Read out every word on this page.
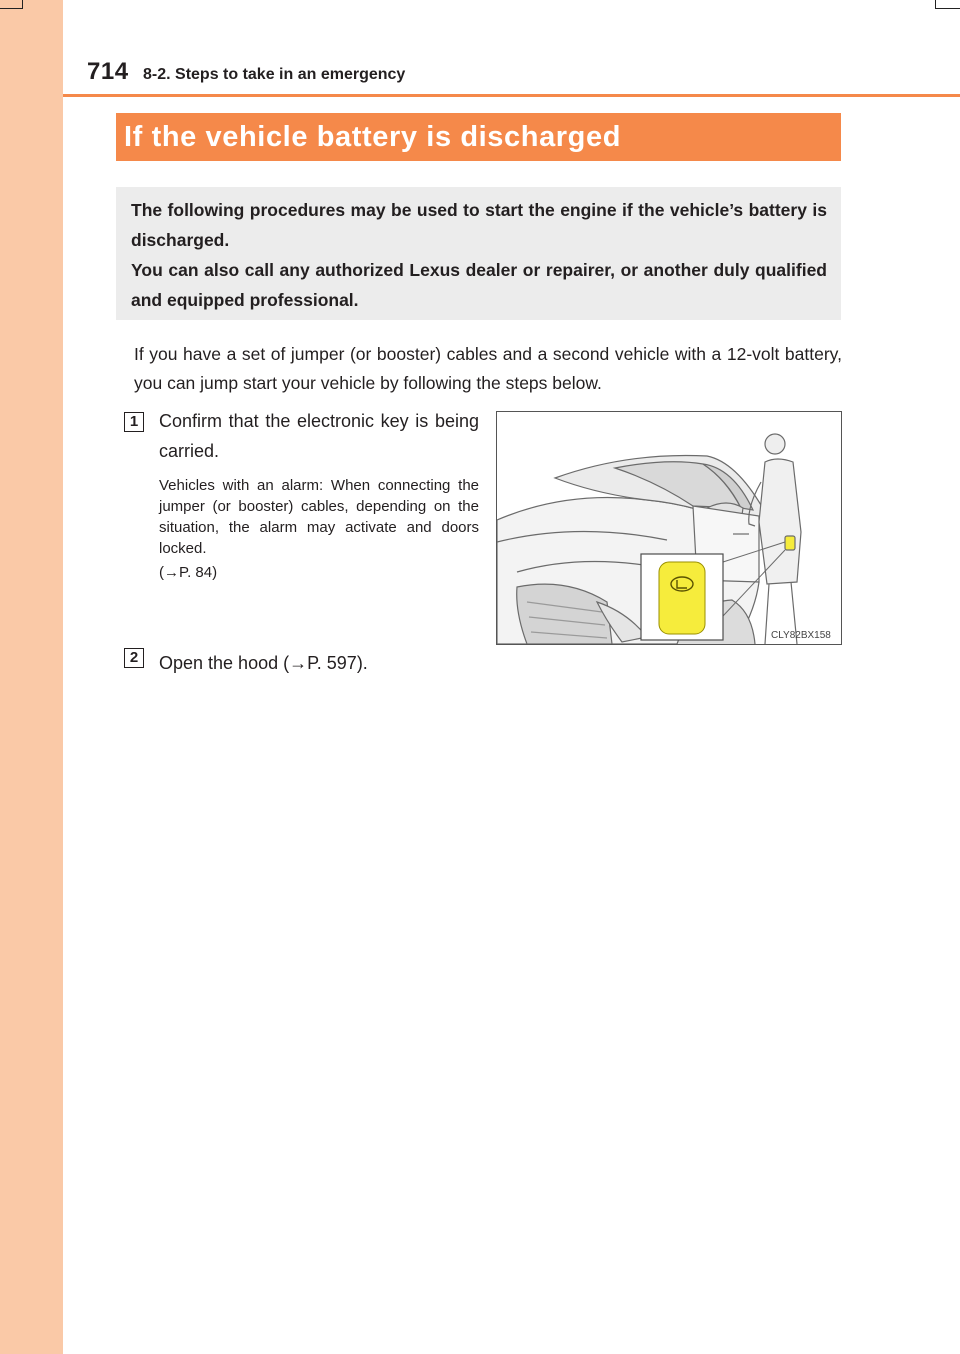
714 8-2. Steps to take in an emergency
If the vehicle battery is discharged

The following procedures may be used to start the engine if the vehicle’s battery is discharged.

You can also call any authorized Lexus dealer or repairer, or another duly qualified and equipped professional.

If you have a set of jumper (or booster) cables and a second vehicle with a 12-volt battery, you can jump start your vehicle by following the steps below.

1	Confirm that the electronic key is being carried.

Vehicles with an alarm: When connecting the jumper (or booster) cables, depending on the situation, the alarm may activate and doors locked.

(→P. 84)

2	Open the hood (→P. 597).

CLY82BX158
